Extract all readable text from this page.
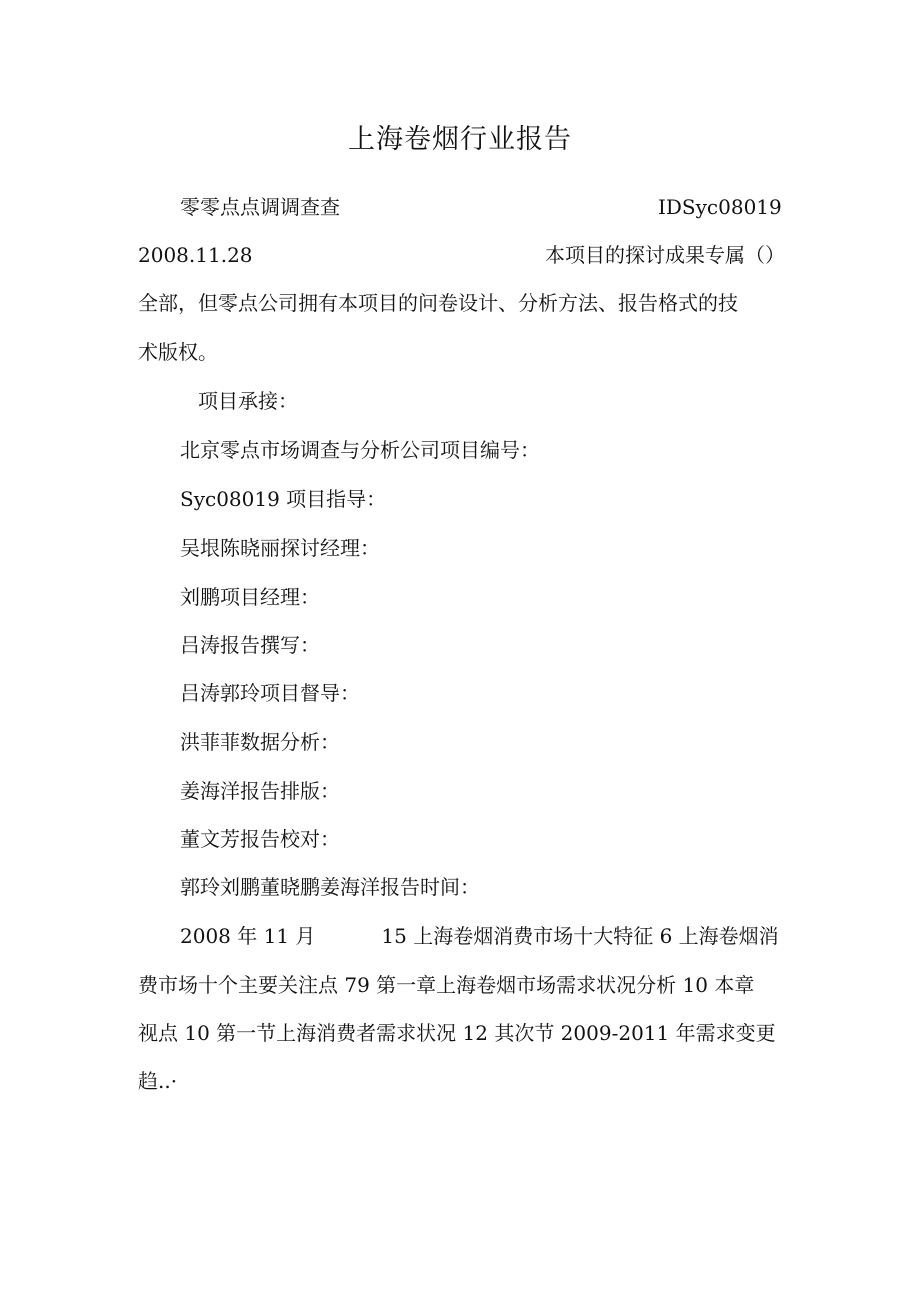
上海卷烟行业报告
零零点点调调查查	IDSyc08019
2008.11.28	本项目的探讨成果专属（）
全部，但零点公司拥有本项目的问卷设计、分析方法、报告格式的技
术版权。
项目承接：
北京零点市场调查与分析公司项目编号：
Syc08019 项目指导：
吴垠陈晓丽探讨经理：
刘鹏项目经理：
吕涛报告撰写：
吕涛郭玲项目督导：
洪菲菲数据分析：
姜海洋报告排版：
董文芳报告校对：
郭玲刘鹏董晓鹏姜海洋报告时间：
2008 年 11 月	15 上海卷烟消费市场十大特征 6 上海卷烟消
费市场十个主要关注点 79 第一章上海卷烟市场需求状况分析 10 本章
视点 10 第一节上海消费者需求状况 12 其次节 2009-2011 年需求变更
趋..·
